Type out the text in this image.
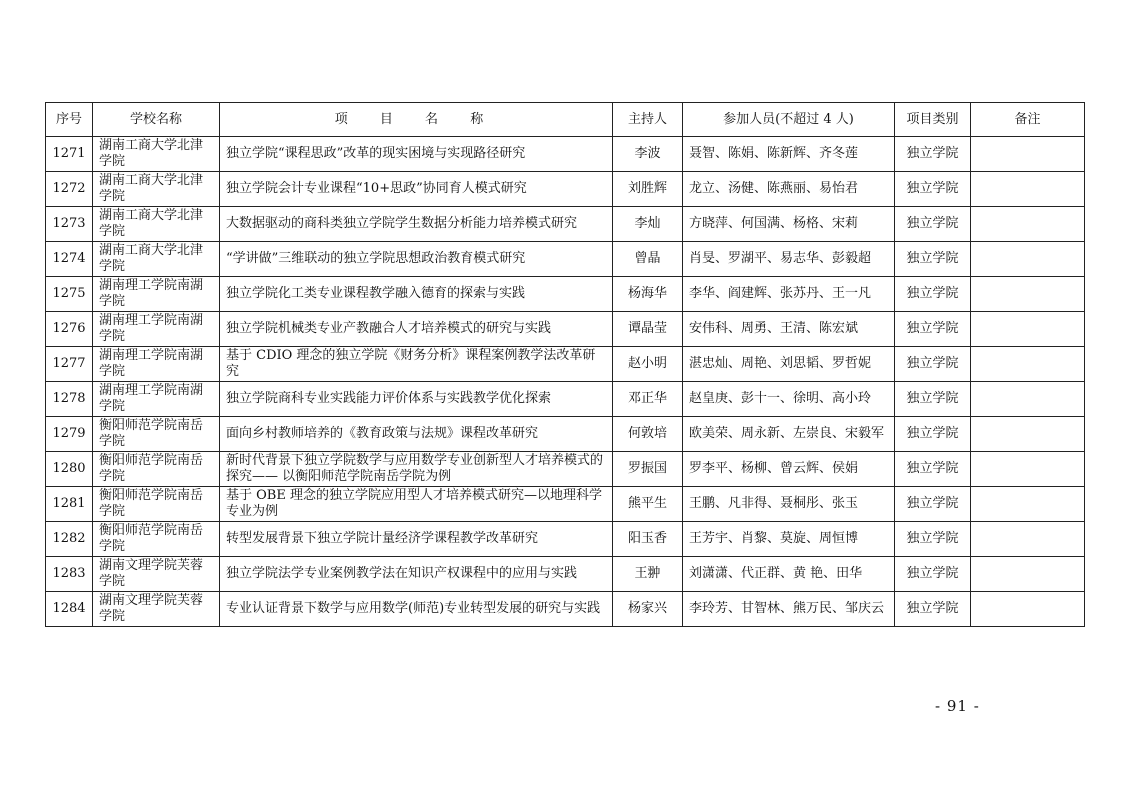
序号	学校名称	项 目 名 称	主持人	参加人员(不超过 4 人)	项目类别	备注
1271	湖南工商大学北津学院	独立学院“课程思政”改革的现实困境与实现路径研究	李波	聂智、陈娟、陈新辉、齐冬莲	独立学院	
1272	湖南工商大学北津学院	独立学院会计专业课程“10+思政”协同育人模式研究	刘胜辉	龙立、汤健、陈燕丽、易怡君	独立学院	
1273	湖南工商大学北津学院	大数据驱动的商科类独立学院学生数据分析能力培养模式研究	李灿	方晓萍、何国满、杨格、宋莉	独立学院	
1274	湖南工商大学北津学院	“学讲做”三维联动的独立学院思想政治教育模式研究	曾晶	肖旻、罗湖平、易志华、彭毅超	独立学院	
1275	湖南理工学院南湖学院	独立学院化工类专业课程教学融入德育的探索与实践	杨海华	李华、阎建辉、张苏丹、王一凡	独立学院	
1276	湖南理工学院南湖学院	独立学院机械类专业产教融合人才培养模式的研究与实践	谭晶莹	安伟科、周勇、王清、陈宏斌	独立学院	
1277	湖南理工学院南湖学院	基于 CDIO 理念的独立学院《财务分析》课程案例教学法改革研究	赵小明	湛忠灿、周艳、刘思韬、罗哲妮	独立学院	
1278	湖南理工学院南湖学院	独立学院商科专业实践能力评价体系与实践教学优化探索	邓正华	赵皇庚、彭十一、徐明、高小玲	独立学院	
1279	衡阳师范学院南岳学院	面向乡村教师培养的《教育政策与法规》课程改革研究	何敦培	欧美荣、周永新、左崇良、宋毅军	独立学院	
1280	衡阳师范学院南岳学院	新时代背景下独立学院数学与应用数学专业创新型人才培养模式的探究—— 以衡阳师范学院南岳学院为例	罗振国	罗李平、杨柳、曾云辉、侯娟	独立学院	
1281	衡阳师范学院南岳学院	基于 OBE 理念的独立学院应用型人才培养模式研究—以地理科学专业为例	熊平生	王鹏、凡非得、聂桐彤、张玉	独立学院	
1282	衡阳师范学院南岳学院	转型发展背景下独立学院计量经济学课程教学改革研究	阳玉香	王芳宇、肖黎、莫旋、周恒博	独立学院	
1283	湖南文理学院芙蓉学院	独立学院法学专业案例教学法在知识产权课程中的应用与实践	王翀	刘潇潇、代正群、黄 艳、田华	独立学院	
1284	湖南文理学院芙蓉学院	专业认证背景下数学与应用数学(师范)专业转型发展的研究与实践	杨家兴	李玲芳、甘智林、熊万民、邹庆云	独立学院	
- 91 -
